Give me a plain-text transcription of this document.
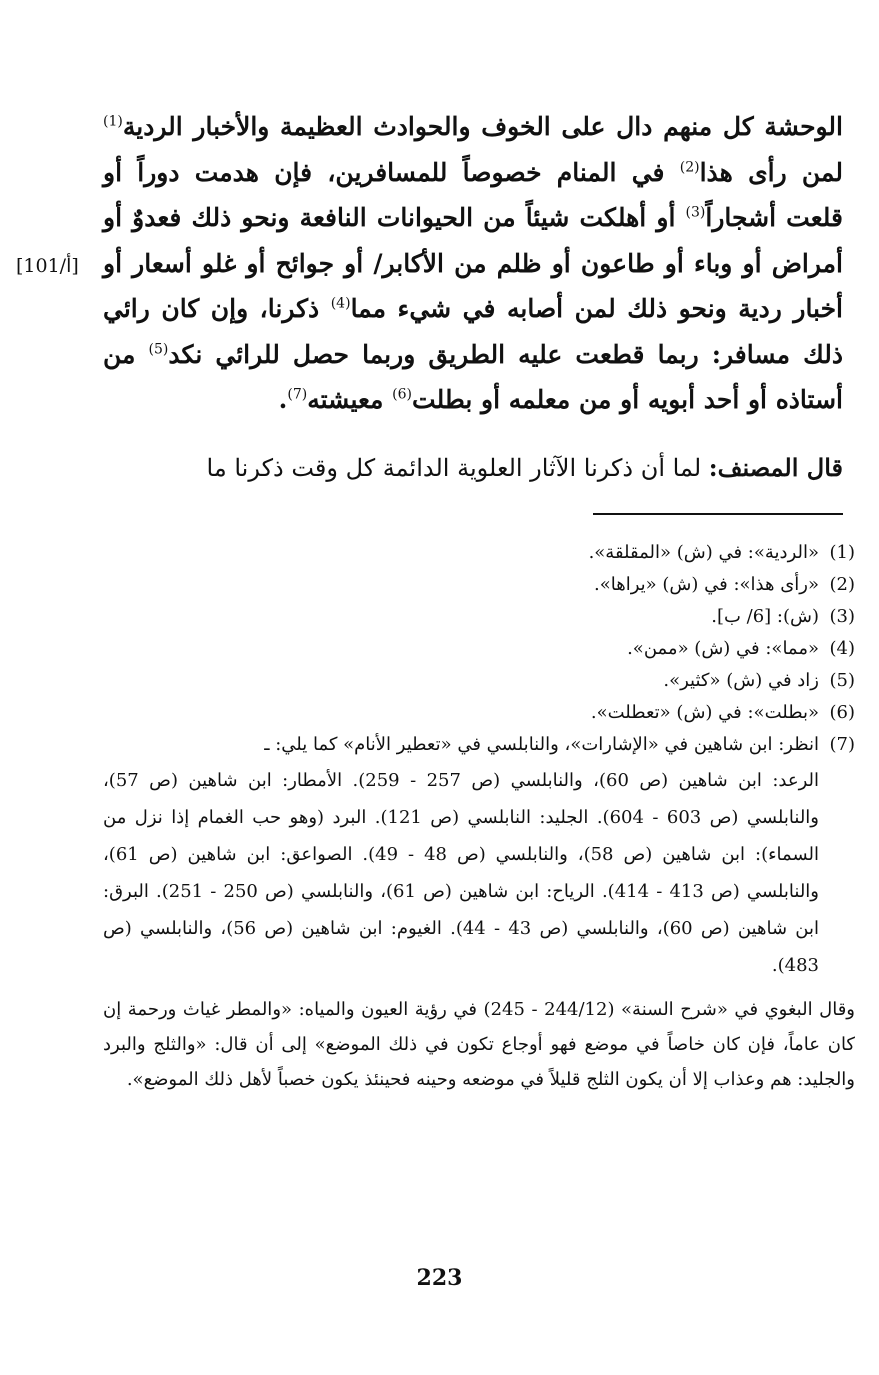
الوحشة كل منهم دال على الخوف والحوادث العظيمة والأخبار الردية$^{(1)}$ لمن رأى هذا$^{(2)}$ في المنام خصوصاً للمسافرين، فإن هدمت دوراً أو قلعت أشجاراً$^{(3)}$ أو أهلكت شيئاً من الحيوانات النافعة ونحو ذلك فعدوٌ أو أمراض أو وباء أو طاعون أو ظلم من الأكابر/ أو جوائح أو غلو أسعار أو أخبار ردية ونحو ذلك لمن أصابه في شيء مما$^{(4)}$ ذكرنا، وإن كان رائي ذلك مسافر: ربما قطعت عليه الطريق وربما حصل للرائي نكد$^{(5)}$ من أستاذه أو أحد أبويه أو من معلمه أو بطلت$^{(6)}$ معيشته$^{(7)}$.
[101/أ]
قال المصنف: لما أن ذكرنا الآثار العلوية الدائمة كل وقت ذكرنا ما
(1)
«الردية»: في (ش) «المقلقة».
(2)
«رأى هذا»: في (ش) «يراها».
(3)
(ش): [6/ ب].
(4)
«مما»: في (ش) «ممن».
(5)
زاد في (ش) «كثير».
(6)
«بطلت»: في (ش) «تعطلت».
(7)
انظر: ابن شاهين في «الإشارات»، والنابلسي في «تعطير الأنام» كما يلي: ـ
الرعد: ابن شاهين (ص 60)، والنابلسي (ص 257 - 259). الأمطار: ابن شاهين (ص 57)، والنابلسي (ص 603 - 604). الجليد: النابلسي (ص 121). البرد (وهو حب الغمام إذا نزل من السماء): ابن شاهين (ص 58)، والنابلسي (ص 48 - 49). الصواعق: ابن شاهين (ص 61)، والنابلسي (ص 413 - 414). الرياح: ابن شاهين (ص 61)، والنابلسي (ص 250 - 251). البرق: ابن شاهين (ص 60)، والنابلسي (ص 43 - 44). الغيوم: ابن شاهين (ص 56)، والنابلسي (ص 483).
وقال البغوي في «شرح السنة» (244/12 - 245) في رؤية العيون والمياه: «والمطر غياث ورحمة إن كان عاماً، فإن كان خاصاً في موضع فهو أوجاع تكون في ذلك الموضع» إلى أن قال: «والثلج والبرد والجليد: هم وعذاب إلا أن يكون الثلج قليلاً في موضعه وحينه فحينئذ يكون خصباً لأهل ذلك الموضع».
223
